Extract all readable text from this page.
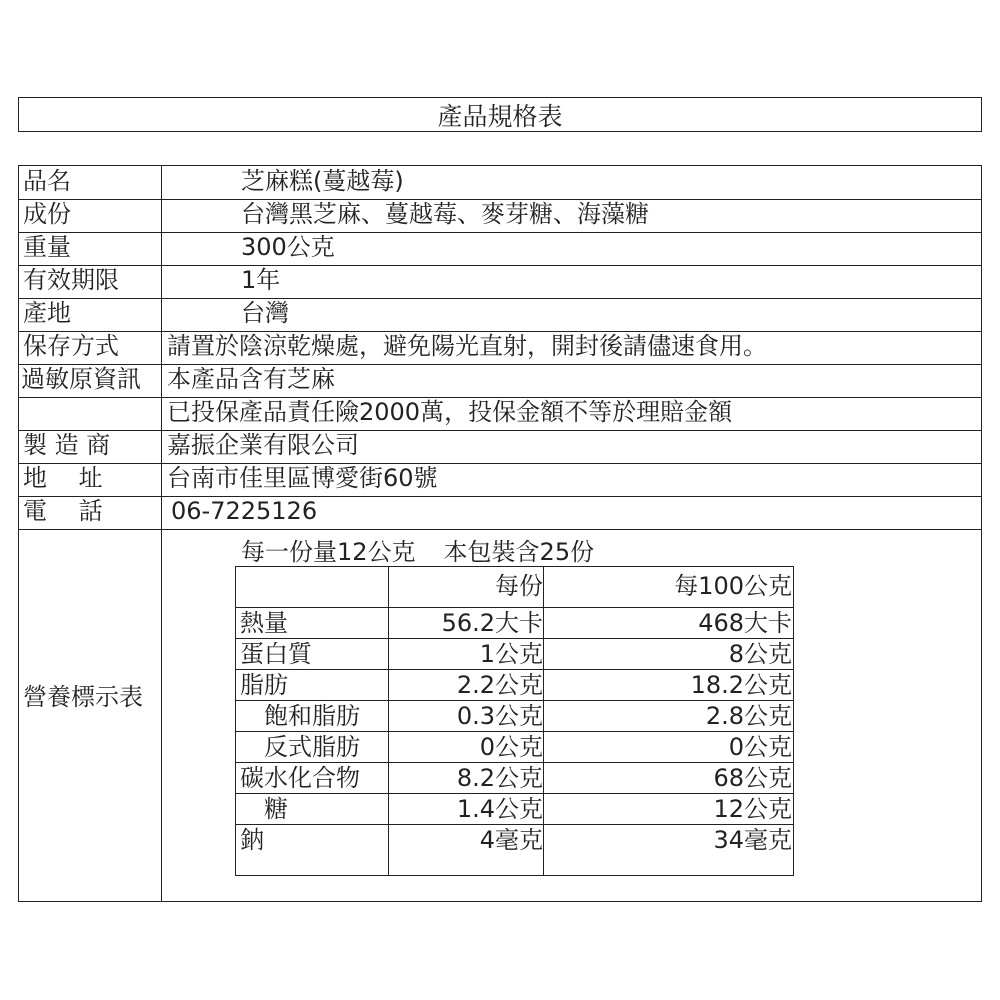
產品規格表
品名	芝麻糕(蔓越莓)
成份	台灣黑芝麻、蔓越莓、麥芽糖、海藻糖
重量	300公克
有效期限	1年
產地	台灣
保存方式 請置於陰涼乾燥處，避免陽光直射，開封後請儘速食用。
過敏原資訊 本產品含有芝麻
已投保產品責任險2000萬，投保金額不等於理賠金額
製 造 商 嘉振企業有限公司
地　 址	台南市佳里區博愛街60號
電　 話	06-7225126
營養標示表
每一份量12公克 本包裝含25份
每份	每100公克
熱量	56.2大卡	468大卡
蛋白質	1公克	8公克
脂肪	2.2公克	18.2公克
　飽和脂肪	0.3公克	2.8公克
　反式脂肪	0公克	0公克
碳水化合物	8.2公克	68公克
　糖	1.4公克	12公克
鈉	4毫克	34毫克
